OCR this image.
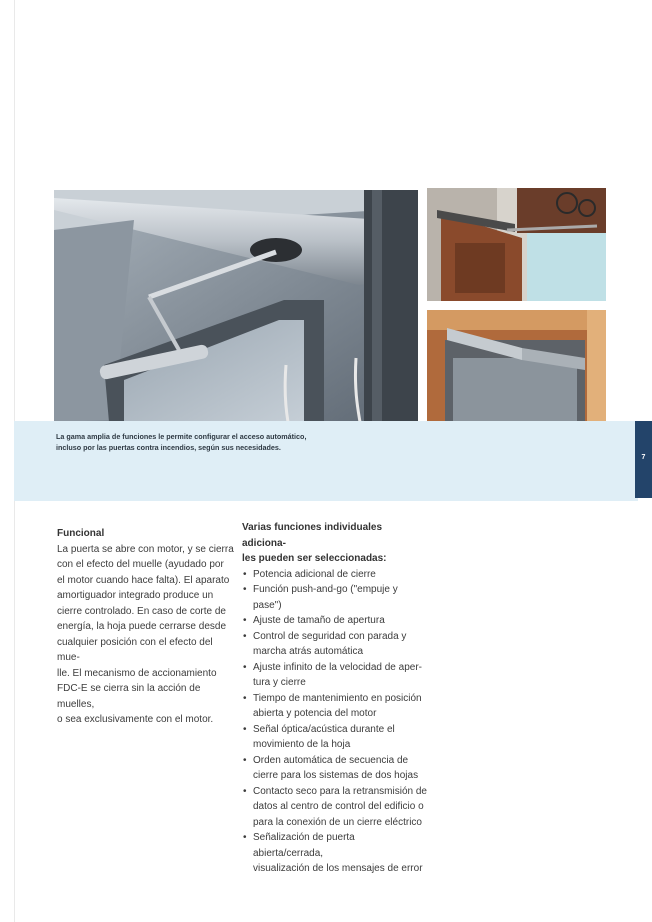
La gama amplia de funciones le permite configurar el acceso automático,
incluso por las puertas contra incendios, según sus necesidades.
7
Funcional
La puerta se abre con motor, y se cierra
con el efecto del muelle (ayudado por
el motor cuando hace falta). El aparato
amortiguador integrado produce un
cierre controlado. En caso de corte de
energía, la hoja puede cerrarse desde
cualquier posición con el efecto del mue-
lle. El mecanismo de accionamiento
FDC-E se cierra sin la acción de muelles,
o sea exclusivamente con el motor.
Varias funciones individuales adiciona-
les pueden ser seleccionadas:
• Potencia adicional de cierre
• Función push-and-go ("empuje y
pase")
• Ajuste de tamaño de apertura
• Control de seguridad con parada y
marcha atrás automática
• Ajuste infinito de la velocidad de aper-
tura y cierre
• Tiempo de mantenimiento en posición
abierta y potencia del motor
• Señal óptica/acústica durante el
movimiento de la hoja
• Orden automática de secuencia de
cierre para los sistemas de dos hojas
• Contacto seco para la retransmisión de
datos al centro de control del edificio o
para la conexión de un cierre eléctrico
• Señalización de puerta abierta/cerrada,
visualización de los mensajes de error
